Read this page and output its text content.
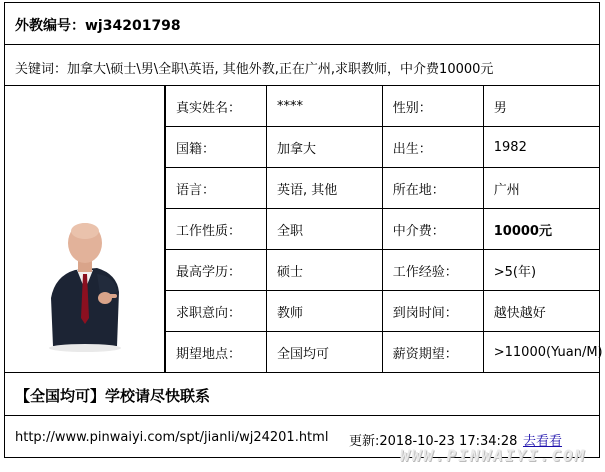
外教编号：wj34201798
关键词：加拿大\硕士\男\全职\英语, 其他外教,正在广州,求职教师，中介费10000元
真实姓名：	****	性别：	男
国籍：	加拿大	出生：	1982
语言：	英语, 其他	所在地：	广州
工作性质：	全职	中介费：	10000元
最高学历：	硕士	工作经验：	>5(年)
求职意向：	教师	到岗时间：	越快越好
期望地点：	全国均可	薪资期望：	>11000(Yuan/M)
【全国均可】学校请尽快联系
http://www.pinwaiyi.com/spt/jianli/wj24201.html 更新:2018-10-23 17:34:28 去看看
WWW.PINWAIYI.COM
